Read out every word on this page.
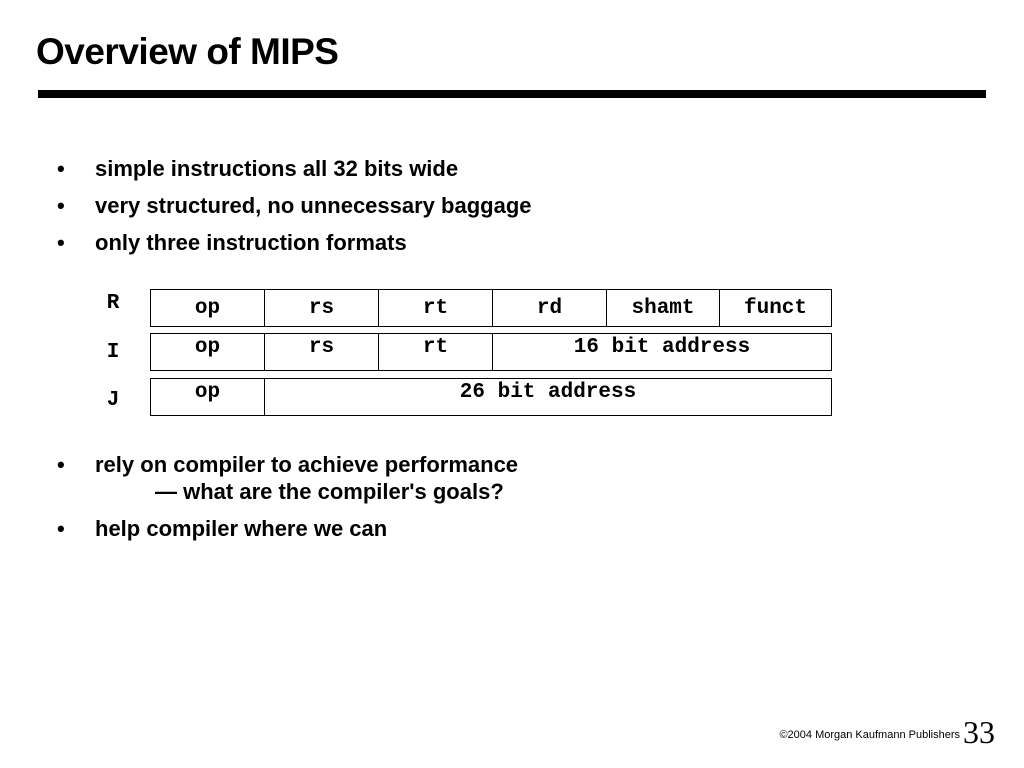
Overview of MIPS
• simple instructions all 32 bits wide
• very structured, no unnecessary baggage
• only three instruction formats
R	op	rs	rt	rd	shamt	funct
I	op	rs	rt	16 bit address
J	op	26 bit address
• rely on compiler to achieve performance
— what are the compiler's goals?
• help compiler where we can
©2004 Morgan Kaufmann Publishers 33
